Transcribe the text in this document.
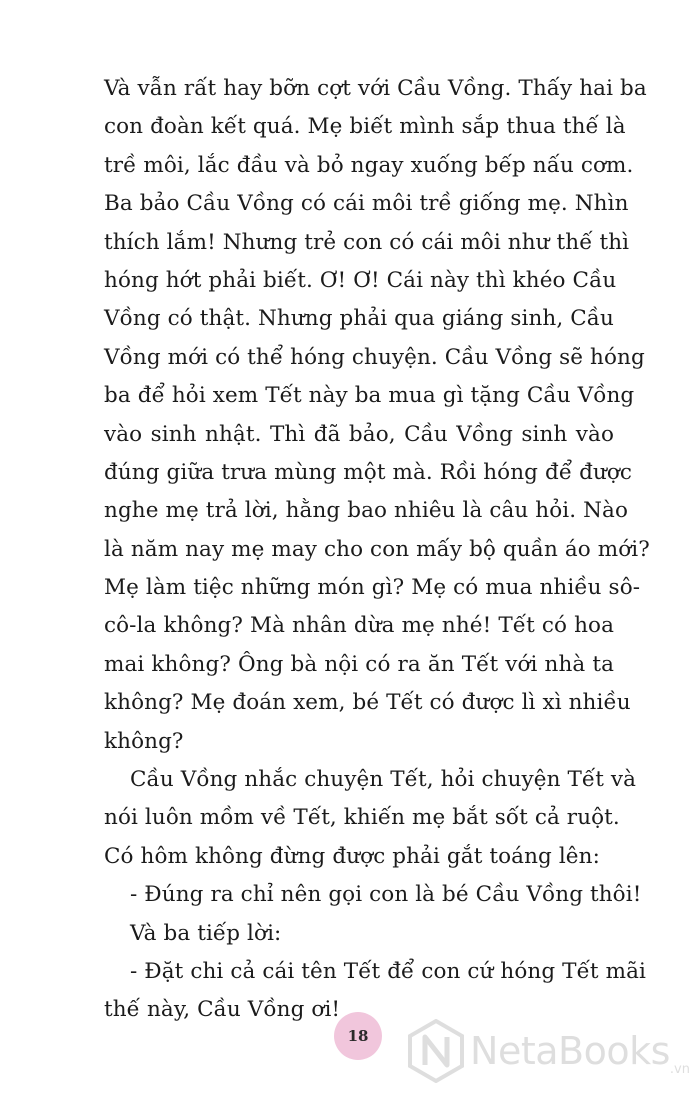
Và vẫn rất hay bỡn cợt với Cầu Vồng. Thấy hai ba
con đoàn kết quá. Mẹ biết mình sắp thua thế là
trề môi, lắc đầu và bỏ ngay xuống bếp nấu cơm.
Ba bảo Cầu Vồng có cái môi trề giống mẹ. Nhìn
thích lắm! Nhưng trẻ con có cái môi như thế thì
hóng hớt phải biết. Ơ! Ơ! Cái này thì khéo Cầu
Vồng có thật. Nhưng phải qua giáng sinh, Cầu
Vồng mới có thể hóng chuyện. Cầu Vồng sẽ hóng
ba để hỏi xem Tết này ba mua gì tặng Cầu Vồng
vào sinh nhật. Thì đã bảo, Cầu Vồng sinh vào
đúng giữa trưa mùng một mà. Rồi hóng để được
nghe mẹ trả lời, hằng bao nhiêu là câu hỏi. Nào
là năm nay mẹ may cho con mấy bộ quần áo mới?
Mẹ làm tiệc những món gì? Mẹ có mua nhiều sô-
cô-la không? Mà nhân dừa mẹ nhé! Tết có hoa
mai không? Ông bà nội có ra ăn Tết với nhà ta
không? Mẹ đoán xem, bé Tết có được lì xì nhiều
không?
Cầu Vồng nhắc chuyện Tết, hỏi chuyện Tết và
nói luôn mồm về Tết, khiến mẹ bắt sốt cả ruột.
Có hôm không đừng được phải gắt toáng lên:
- Đúng ra chỉ nên gọi con là bé Cầu Vồng thôi!
Và ba tiếp lời:
- Đặt chi cả cái tên Tết để con cứ hóng Tết mãi
thế này, Cầu Vồng ơi!
18	NetaBooks .vn
